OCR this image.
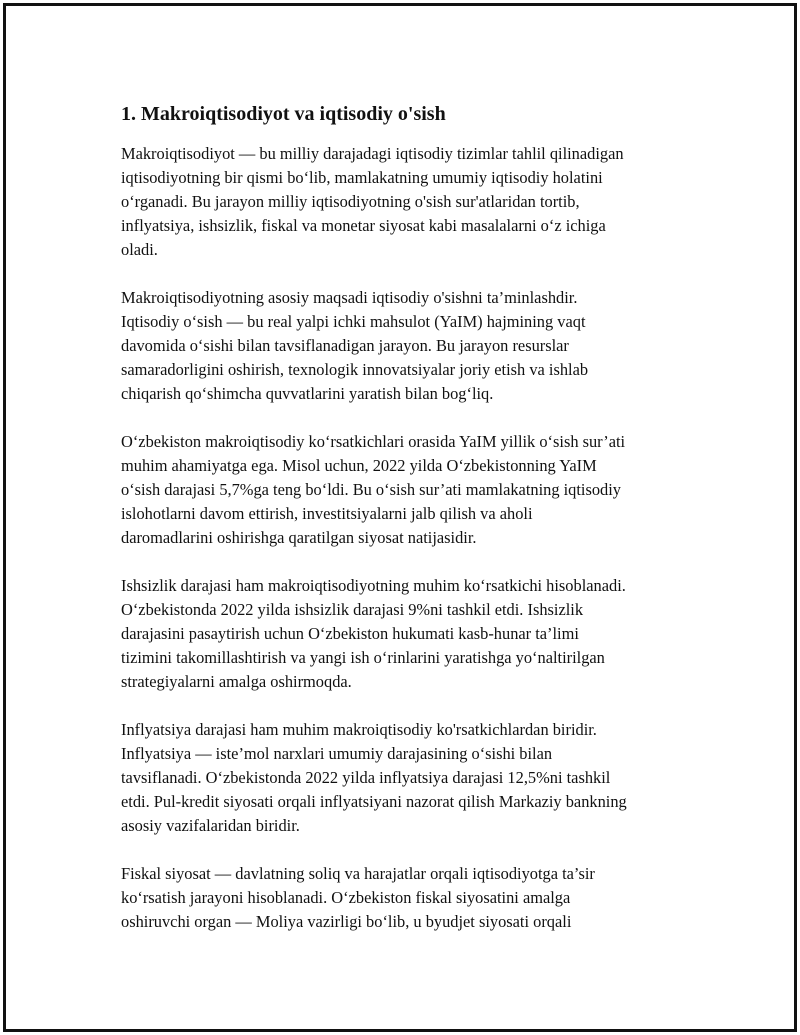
1. Makroiqtisodiyot va iqtisodiy o'sish
Makroiqtisodiyot — bu milliy darajadagi iqtisodiy tizimlar tahlil qilinadigan
iqtisodiyotning bir qismi bo‘lib, mamlakatning umumiy iqtisodiy holatini
o‘rganadi. Bu jarayon milliy iqtisodiyotning o'sish sur'atlaridan tortib,
inflyatsiya, ishsizlik, fiskal va monetar siyosat kabi masalalarni o‘z ichiga
oladi.
Makroiqtisodiyotning asosiy maqsadi iqtisodiy o'sishni ta’minlashdir.
Iqtisodiy o‘sish — bu real yalpi ichki mahsulot (YaIM) hajmining vaqt
davomida o‘sishi bilan tavsiflanadigan jarayon. Bu jarayon resurslar
samaradorligini oshirish, texnologik innovatsiyalar joriy etish va ishlab
chiqarish qo‘shimcha quvvatlarini yaratish bilan bog‘liq.
O‘zbekiston makroiqtisodiy ko‘rsatkichlari orasida YaIM yillik o‘sish sur’ati
muhim ahamiyatga ega. Misol uchun, 2022 yilda O‘zbekistonning YaIM
o‘sish darajasi 5,7%ga teng bo‘ldi. Bu o‘sish sur’ati mamlakatning iqtisodiy
islohotlarni davom ettirish, investitsiyalarni jalb qilish va aholi
daromadlarini oshirishga qaratilgan siyosat natijasidir.
Ishsizlik darajasi ham makroiqtisodiyotning muhim ko‘rsatkichi hisoblanadi.
O‘zbekistonda 2022 yilda ishsizlik darajasi 9%ni tashkil etdi. Ishsizlik
darajasini pasaytirish uchun O‘zbekiston hukumati kasb-hunar ta’limi
tizimini takomillashtirish va yangi ish o‘rinlarini yaratishga yo‘naltirilgan
strategiyalarni amalga oshirmoqda.
Inflyatsiya darajasi ham muhim makroiqtisodiy ko'rsatkichlardan biridir.
Inflyatsiya — iste’mol narxlari umumiy darajasining o‘sishi bilan
tavsiflanadi. O‘zbekistonda 2022 yilda inflyatsiya darajasi 12,5%ni tashkil
etdi. Pul-kredit siyosati orqali inflyatsiyani nazorat qilish Markaziy bankning
asosiy vazifalaridan biridir.
Fiskal siyosat — davlatning soliq va harajatlar orqali iqtisodiyotga ta’sir
ko‘rsatish jarayoni hisoblanadi. O‘zbekiston fiskal siyosatini amalga
oshiruvchi organ — Moliya vazirligi bo‘lib, u byudjet siyosati orqali
